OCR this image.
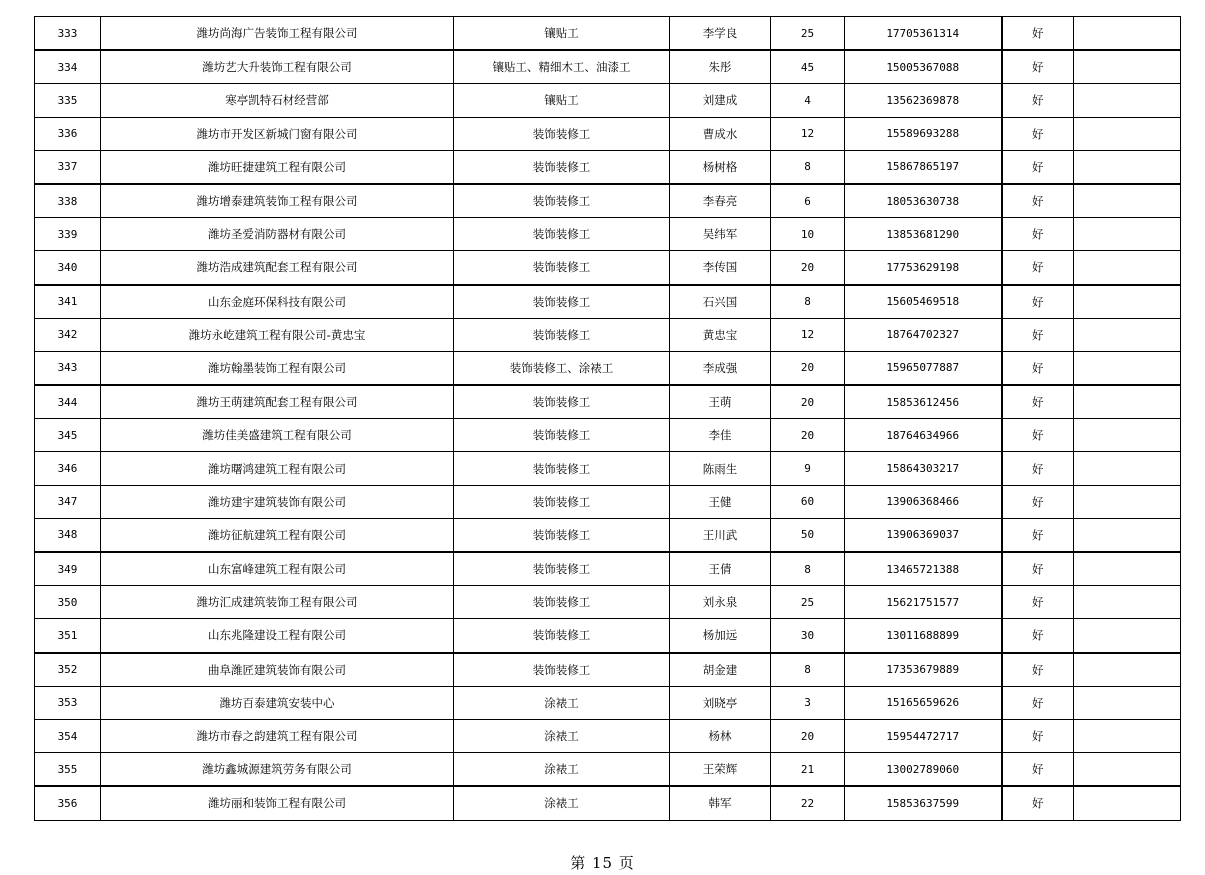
333	潍坊尚海广告装饰工程有限公司	镶贴工	李学良	25	17705361314	好	
334	潍坊艺大升装饰工程有限公司	镶贴工、精细木工、油漆工	朱彤	45	15005367088	好	
335	寒亭凯特石材经营部	镶贴工	刘建成	4	13562369878	好	
336	潍坊市开发区新城门窗有限公司	装饰装修工	曹成水	12	15589693288	好	
337	潍坊旺捷建筑工程有限公司	装饰装修工	杨树格	8	15867865197	好	
338	潍坊增泰建筑装饰工程有限公司	装饰装修工	李春亮	6	18053630738	好	
339	潍坊圣爱消防器材有限公司	装饰装修工	吴纬军	10	13853681290	好	
340	潍坊浩成建筑配套工程有限公司	装饰装修工	李传国	20	17753629198	好	
341	山东金庭环保科技有限公司	装饰装修工	石兴国	8	15605469518	好	
342	潍坊永屹建筑工程有限公司-黄忠宝	装饰装修工	黄忠宝	12	18764702327	好	
343	潍坊翰墨装饰工程有限公司	装饰装修工、涂裱工	李成强	20	15965077887	好	
344	潍坊王萌建筑配套工程有限公司	装饰装修工	王萌	20	15853612456	好	
345	潍坊佳美盛建筑工程有限公司	装饰装修工	李佳	20	18764634966	好	
346	潍坊曙鸿建筑工程有限公司	装饰装修工	陈雨生	9	15864303217	好	
347	潍坊建宇建筑装饰有限公司	装饰装修工	王健	60	13906368466	好	
348	潍坊征航建筑工程有限公司	装饰装修工	王川武	50	13906369037	好	
349	山东富峰建筑工程有限公司	装饰装修工	王倩	8	13465721388	好	
350	潍坊汇成建筑装饰工程有限公司	装饰装修工	刘永泉	25	15621751577	好	
351	山东兆隆建设工程有限公司	装饰装修工	杨加远	30	13011688899	好	
352	曲阜潍匠建筑装饰有限公司	装饰装修工	胡金建	8	17353679889	好	
353	潍坊百泰建筑安装中心	涂裱工	刘晓亭	3	15165659626	好	
354	潍坊市春之韵建筑工程有限公司	涂裱工	杨林	20	15954472717	好	
355	潍坊鑫城源建筑劳务有限公司	涂裱工	王荣辉	21	13002789060	好	
356	潍坊丽和装饰工程有限公司	涂裱工	韩军	22	15853637599	好	
第 15 页
